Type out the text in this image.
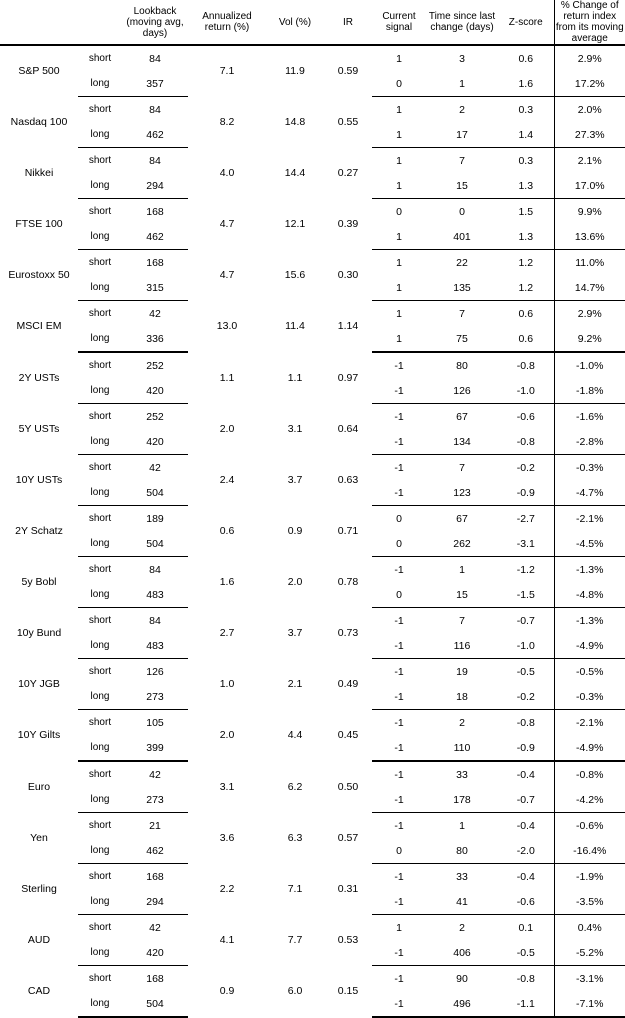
		Lookback (moving avg, days)	Annualized return (%)	Vol (%)	IR	Current signal	Time since last change (days)	Z-score	% Change of return index from its moving average
S&P 500	short	84	7.1	11.9	0.59	1	3	0.6	2.9%
	long	357				0	1	1.6	17.2%
Nasdaq 100	short	84	8.2	14.8	0.55	1	2	0.3	2.0%
	long	462				1	17	1.4	27.3%
Nikkei	short	84	4.0	14.4	0.27	1	7	0.3	2.1%
	long	294				1	15	1.3	17.0%
FTSE 100	short	168	4.7	12.1	0.39	0	0	1.5	9.9%
	long	462				1	401	1.3	13.6%
Eurostoxx 50	short	168	4.7	15.6	0.30	1	22	1.2	11.0%
	long	315				1	135	1.2	14.7%
MSCI EM	short	42	13.0	11.4	1.14	1	7	0.6	2.9%
	long	336				1	75	0.6	9.2%
2Y USTs	short	252	1.1	1.1	0.97	-1	80	-0.8	-1.0%
	long	420				-1	126	-1.0	-1.8%
5Y USTs	short	252	2.0	3.1	0.64	-1	67	-0.6	-1.6%
	long	420				-1	134	-0.8	-2.8%
10Y USTs	short	42	2.4	3.7	0.63	-1	7	-0.2	-0.3%
	long	504				-1	123	-0.9	-4.7%
2Y Schatz	short	189	0.6	0.9	0.71	0	67	-2.7	-2.1%
	long	504				0	262	-3.1	-4.5%
5y Bobl	short	84	1.6	2.0	0.78	-1	1	-1.2	-1.3%
	long	483				0	15	-1.5	-4.8%
10y Bund	short	84	2.7	3.7	0.73	-1	7	-0.7	-1.3%
	long	483				-1	116	-1.0	-4.9%
10Y JGB	short	126	1.0	2.1	0.49	-1	19	-0.5	-0.5%
	long	273				-1	18	-0.2	-0.3%
10Y Gilts	short	105	2.0	4.4	0.45	-1	2	-0.8	-2.1%
	long	399				-1	110	-0.9	-4.9%
Euro	short	42	3.1	6.2	0.50	-1	33	-0.4	-0.8%
	long	273				-1	178	-0.7	-4.2%
Yen	short	21	3.6	6.3	0.57	-1	1	-0.4	-0.6%
	long	462				0	80	-2.0	-16.4%
Sterling	short	168	2.2	7.1	0.31	-1	33	-0.4	-1.9%
	long	294				-1	41	-0.6	-3.5%
AUD	short	42	4.1	7.7	0.53	1	2	0.1	0.4%
	long	420				-1	406	-0.5	-5.2%
CAD	short	168	0.9	6.0	0.15	-1	90	-0.8	-3.1%
	long	504				-1	496	-1.1	-7.1%
